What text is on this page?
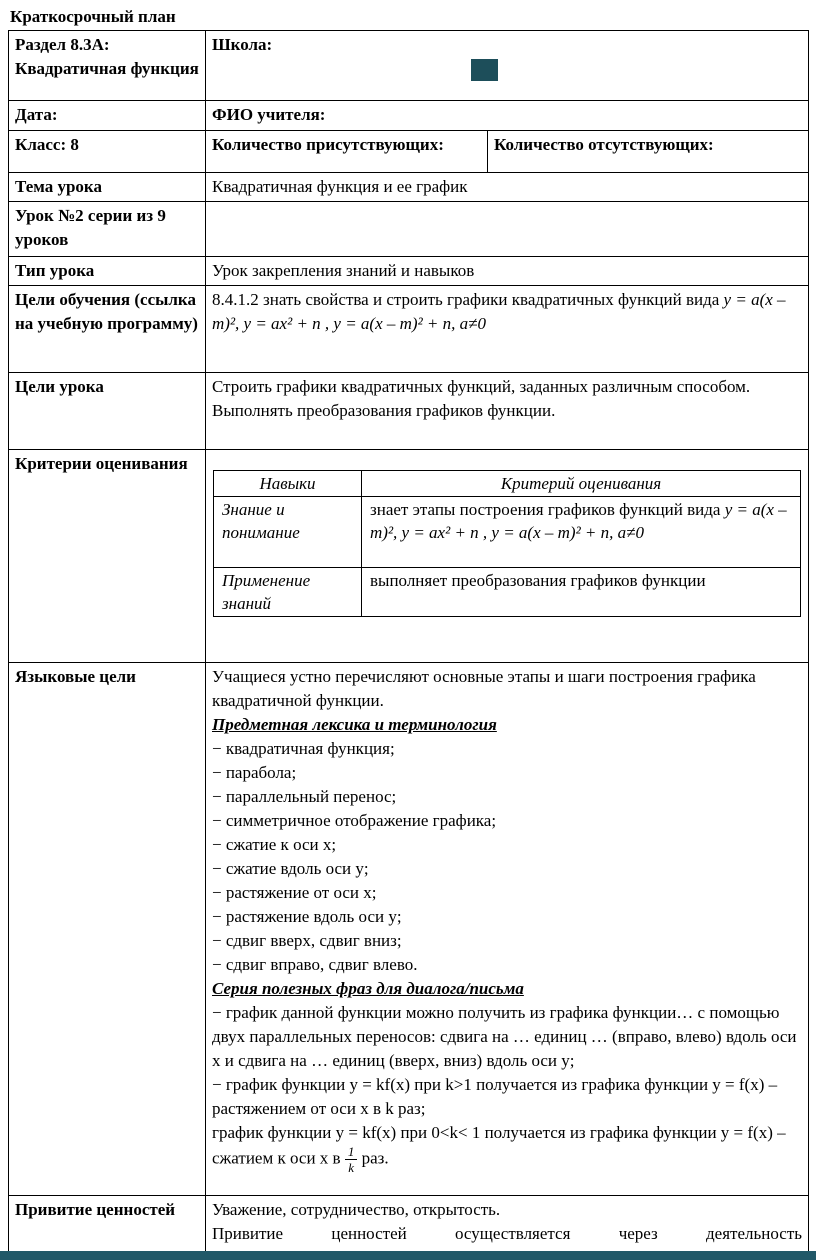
Краткосрочный план
Раздел 8.3А: Квадратичная функция	Школа:

Дата:	ФИО учителя:
Класс: 8	Количество присутствующих:	Количество отсутствующих:
Тема урока	Квадратичная функция и ее график
Урок №2 серии из 9 уроков	
Тип урока	Урок закрепления знаний и навыков
Цели обучения (ссылка на учебную программу)	8.4.1.2 знать свойства и строить графики квадратичных функций вида y = a(x – m)², y = ax² + n , y = a(x – m)² + n, a≠0
Цели урока	Строить графики квадратичных функций, заданных различным способом.
Выполнять преобразования графиков функции.

Критерии оценивания	
Навыки	Критерий оценивания
Знание и понимание	знает этапы построения графиков функций вида y = a(x – m)², y = ax² + n , y = a(x – m)² + n, a≠0
Применение знаний	выполняет преобразования графиков функции

Языковые цели	Учащиеся устно перечисляют основные этапы и шаги построения графика квадратичной функции.
Предметная лексика и терминология
− квадратичная функция;
− парабола;
− параллельный перенос;
− симметричное отображение графика;
− сжатие к оси x;
− сжатие вдоль оси y;
− растяжение от оси x;
− растяжение вдоль оси y;
− сдвиг вверх, сдвиг вниз;
− сдвиг вправо, сдвиг влево.
Серия полезных фраз для диалога/письма
− график данной функции можно получить из графика функции… с помощью двух параллельных переносов: сдвига на … единиц … (вправо, влево) вдоль оси x и сдвига на … единиц (вверх, вниз) вдоль оси y;
− график функции y = kf(x) при k>1 получается из графика функции y = f(x) – растяжением от оси x в k раз;
график функции y = kf(x) при 0<k< 1 получается из графика функции y = f(x) – сжатием к оси x в $\frac{1}{k}$ раз.

Привитие ценностей	Уважение, сотрудничество, открытость.
Привитие ценностей осуществляется через деятельность
